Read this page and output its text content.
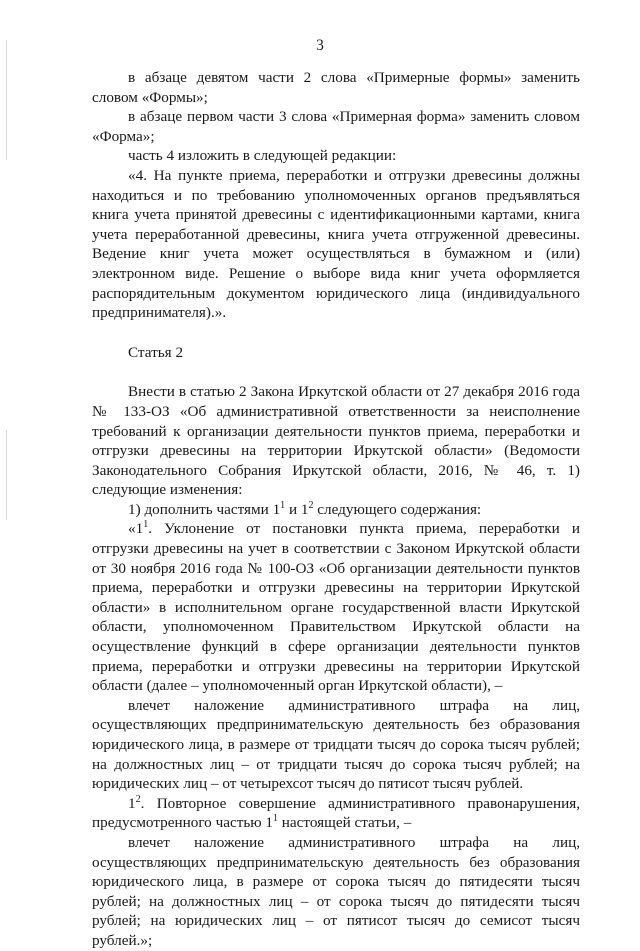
3

в абзаце девятом части 2 слова «Примерные формы» заменить словом «Формы»;

в абзаце первом части 3 слова «Примерная форма» заменить словом «Форма»;

часть 4 изложить в следующей редакции:

«4. На пункте приема, переработки и отгрузки древесины должны находиться и по требованию уполномоченных органов предъявляться книга учета принятой древесины с идентификационными картами, книга учета переработанной древесины, книга учета отгруженной древесины. Ведение книг учета может осуществляться в бумажном и (или) электронном виде. Решение о выборе вида книг учета оформляется распорядительным документом юридического лица (индивидуального предпринимателя).».

Статья 2

Внести в статью 2 Закона Иркутской области от 27 декабря 2016 года № 133-ОЗ «Об административной ответственности за неисполнение требований к организации деятельности пунктов приема, переработки и отгрузки древесины на территории Иркутской области» (Ведомости Законодательного Собрания Иркутской области, 2016, № 46, т. 1) следующие изменения:

1) дополнить частями $1^1$ и $1^2$ следующего содержания:

«$1^1$. Уклонение от постановки пункта приема, переработки и отгрузки древесины на учет в соответствии с Законом Иркутской области от 30 ноября 2016 года № 100-ОЗ «Об организации деятельности пунктов приема, переработки и отгрузки древесины на территории Иркутской области» в исполнительном органе государственной власти Иркутской области, уполномоченном Правительством Иркутской области на осуществление функций в сфере организации деятельности пунктов приема, переработки и отгрузки древесины на территории Иркутской области (далее – уполномоченный орган Иркутской области), –

влечет наложение административного штрафа на лиц, осуществляющих предпринимательскую деятельность без образования юридического лица, в размере от тридцати тысяч до сорока тысяч рублей; на должностных лиц – от тридцати тысяч до сорока тысяч рублей; на юридических лиц – от четырехсот тысяч до пятисот тысяч рублей.

$1^2$. Повторное совершение административного правонарушения, предусмотренного частью $1^1$ настоящей статьи, –

влечет наложение административного штрафа на лиц, осуществляющих предпринимательскую деятельность без образования юридического лица, в размере от сорока тысяч до пятидесяти тысяч рублей; на должностных лиц – от сорока тысяч до пятидесяти тысяч рублей; на юридических лиц – от пятисот тысяч до семисот тысяч рублей.»;
